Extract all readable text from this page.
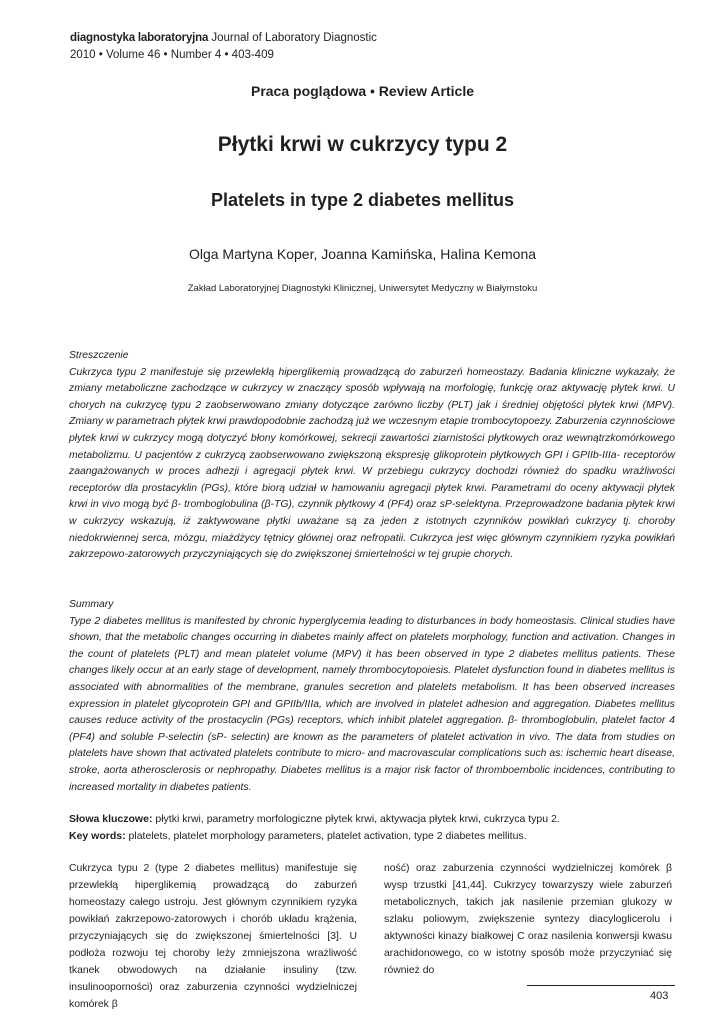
diagnostyka laboratoryjna Journal of Laboratory Diagnostic
2010 • Volume 46 • Number 4 • 403-409
Praca poglądowa • Review Article
Płytki krwi w cukrzycy typu 2
Platelets in type 2 diabetes mellitus
Olga Martyna Koper, Joanna Kamińska, Halina Kemona
Zakład Laboratoryjnej Diagnostyki Klinicznej, Uniwersytet Medyczny w Białymstoku
Streszczenie
Cukrzyca typu 2 manifestuje się przewlekłą hiperglikemią prowadzącą do zaburzeń homeostazy. Badania kliniczne wykazały, że zmiany metaboliczne zachodzące w cukrzycy w znaczący sposób wpływają na morfologię, funkcję oraz aktywację płytek krwi. U chorych na cukrzycę typu 2 zaobserwowano zmiany dotyczące zarówno liczby (PLT) jak i średniej objętości płytek krwi (MPV). Zmiany w parametrach płytek krwi prawdopodobnie zachodzą już we wczesnym etapie trombocytopoezy. Zaburzenia czynnościowe płytek krwi w cukrzycy mogą dotyczyć błony komórkowej, sekrecji zawartości ziarnistości płytkowych oraz wewnątrzkomórkowego metabolizmu. U pacjentów z cukrzycą zaobserwowano zwiększoną ekspresję glikoprotein płytkowych GPI i GPIIb-IIIa- receptorów zaangażowanych w proces adhezji i agregacji płytek krwi. W przebiegu cukrzycy dochodzi również do spadku wrażliwości receptorów dla prostacyklin (PGs), które biorą udział w hamowaniu agregacji płytek krwi. Parametrami do oceny aktywacji płytek krwi in vivo mogą być β- tromboglobulina (β-TG), czynnik płytkowy 4 (PF4) oraz sP-selektyna. Przeprowadzone badania płytek krwi w cukrzycy wskazują, iż zaktywowane płytki uważane są za jeden z istotnych czynników powikłań cukrzycy tj. choroby niedokrwiennej serca, mózgu, miażdżycy tętnicy głównej oraz nefropatii. Cukrzyca jest więc głównym czynnikiem ryzyka powikłań zakrzepowo-zatorowych przyczyniających się do zwiększonej śmiertelności w tej grupie chorych.
Summary
Type 2 diabetes mellitus is manifested by chronic hyperglycemia leading to disturbances in body homeostasis. Clinical studies have shown, that the metabolic changes occurring in diabetes mainly affect on platelets morphology, function and activation. Changes in the count of platelets (PLT) and mean platelet volume (MPV) it has been observed in type 2 diabetes mellitus patients. These changes likely occur at an early stage of development, namely thrombocytopoiesis. Platelet dysfunction found in diabetes mellitus is associated with abnormalities of the membrane, granules secretion and platelets metabolism. It has been observed increases expression in platelet glycoprotein GPI and GPIIb/IIIa, which are involved in platelet adhesion and aggregation. Diabetes mellitus causes reduce activity of the prostacyclin (PGs) receptors, which inhibit platelet aggregation. β- thromboglobulin, platelet factor 4 (PF4) and soluble P-selectin (sP- selectin) are known as the parameters of platelet activation in vivo. The data from studies on platelets have shown that activated platelets contribute to micro- and macrovascular complications such as: ischemic heart disease, stroke, aorta atherosclerosis or nephropathy. Diabetes mellitus is a major risk factor of thromboembolic incidences, contributing to increased mortality in diabetes patients.
Słowa kluczowe: płytki krwi, parametry morfologiczne płytek krwi, aktywacja płytek krwi, cukrzyca typu 2.
Key words: platelets, platelet morphology parameters, platelet activation, type 2 diabetes mellitus.
Cukrzyca typu 2 (type 2 diabetes mellitus) manifestuje się przewlekłą hiperglikemią prowadzącą do zaburzeń homeostazy całego ustroju. Jest głównym czynnikiem ryzyka powikłań zakrzepowo-zatorowych i chorób układu krążenia, przyczyniających się do zwiększonej śmiertelności [3]. U podłoża rozwoju tej choroby leży zmniejszona wrażliwość tkanek obwodowych na działanie insuliny (tzw. insulinooporności) oraz zaburzenia czynności wydzielniczej komórek β
ność) oraz zaburzenia czynności wydzielniczej komórek β wysp trzustki [41,44]. Cukrzycy towarzyszy wiele zaburzeń metabolicznych, takich jak nasilenie przemian glukozy w szlaku poliowym, zwiększenie syntezy diacyloglicerolu i aktywności kinazy białkowej C oraz nasilenia konwersji kwasu arachidonowego, co w istotny sposób może przyczyniać się również do
403
